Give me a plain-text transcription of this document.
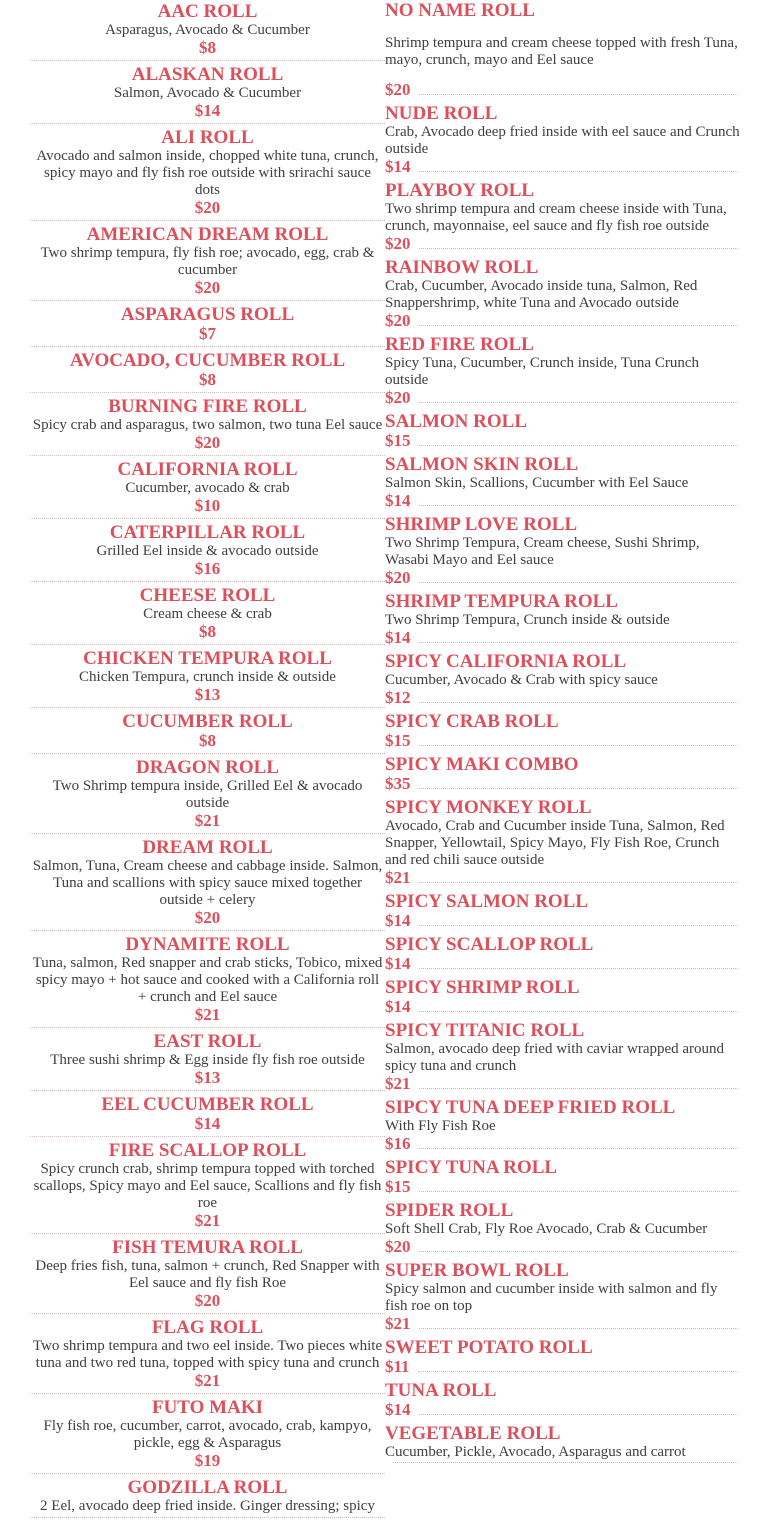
AAC ROLL
Asparagus, Avocado & Cucumber
$8
ALASKAN ROLL
Salmon, Avocado & Cucumber
$14
ALI ROLL
Avocado and salmon inside, chopped white tuna, crunch, spicy mayo and fly fish roe outside with srirachi sauce dots
$20
AMERICAN DREAM ROLL
Two shrimp tempura, fly fish roe; avocado, egg, crab & cucumber
$20
ASPARAGUS ROLL
$7
AVOCADO, CUCUMBER ROLL
$8
BURNING FIRE ROLL
Spicy crab and asparagus, two salmon, two tuna Eel sauce
$20
CALIFORNIA ROLL
Cucumber, avocado & crab
$10
CATERPILLAR ROLL
Grilled Eel inside & avocado outside
$16
CHEESE ROLL
Cream cheese & crab
$8
CHICKEN TEMPURA ROLL
Chicken Tempura, crunch inside & outside
$13
CUCUMBER ROLL
$8
DRAGON ROLL
Two Shrimp tempura inside, Grilled Eel & avocado outside
$21
DREAM ROLL
Salmon, Tuna, Cream cheese and cabbage inside. Salmon, Tuna and scallions with spicy sauce mixed together outside + celery
$20
DYNAMITE ROLL
Tuna, salmon, Red snapper and crab sticks, Tobico, mixed spicy mayo + hot sauce and cooked with a California roll + crunch and Eel sauce
$21
EAST ROLL
Three sushi shrimp & Egg inside fly fish roe outside
$13
EEL CUCUMBER ROLL
$14
FIRE SCALLOP ROLL
Spicy crunch crab, shrimp tempura topped with torched scallops, Spicy mayo and Eel sauce, Scallions and fly fish roe
$21
FISH TEMURA ROLL
Deep fries fish, tuna, salmon + crunch, Red Snapper with Eel sauce and fly fish Roe
$20
FLAG ROLL
Two shrimp tempura and two eel inside. Two pieces white tuna and two red tuna, topped with spicy tuna and crunch
$21
FUTO MAKI
Fly fish roe, cucumber, carrot, avocado, crab, kampyo, pickle, egg & Asparagus
$19
GODZILLA ROLL
2 Eel, avocado deep fried inside. Ginger dressing; spicy
NO NAME ROLL
Shrimp tempura and cream cheese topped with fresh Tuna, mayo, crunch, mayo and Eel sauce
$20
NUDE ROLL
Crab, Avocado deep fried inside with eel sauce and Crunch outside
$14
PLAYBOY ROLL
Two shrimp tempura and cream cheese inside with Tuna, crunch, mayonnaise, eel sauce and fly fish roe outside
$20
RAINBOW ROLL
Crab, Cucumber, Avocado inside tuna, Salmon, Red Snappershrimp, white Tuna and Avocado outside
$20
RED FIRE ROLL
Spicy Tuna, Cucumber, Crunch inside, Tuna Crunch outside
$20
SALMON ROLL
$15
SALMON SKIN ROLL
Salmon Skin, Scallions, Cucumber with Eel Sauce
$14
SHRIMP LOVE ROLL
Two Shrimp Tempura, Cream cheese, Sushi Shrimp, Wasabi Mayo and Eel sauce
$20
SHRIMP TEMPURA ROLL
Two Shrimp Tempura, Crunch inside & outside
$14
SPICY CALIFORNIA ROLL
Cucumber, Avocado & Crab with spicy sauce
$12
SPICY CRAB ROLL
$15
SPICY MAKI COMBO
$35
SPICY MONKEY ROLL
Avocado, Crab and Cucumber inside Tuna, Salmon, Red Snapper, Yellowtail, Spicy Mayo, Fly Fish Roe, Crunch and red chili sauce outside
$21
SPICY SALMON ROLL
$14
SPICY SCALLOP ROLL
$14
SPICY SHRIMP ROLL
$14
SPICY TITANIC ROLL
Salmon, avocado deep fried with caviar wrapped around spicy tuna and crunch
$21
SIPCY TUNA DEEP FRIED ROLL
With Fly Fish Roe
$16
SPICY TUNA ROLL
$15
SPIDER ROLL
Soft Shell Crab, Fly Roe Avocado, Crab & Cucumber
$20
SUPER BOWL ROLL
Spicy salmon and cucumber inside with salmon and fly fish roe on top
$21
SWEET POTATO ROLL
$11
TUNA ROLL
$14
VEGETABLE ROLL
Cucumber, Pickle, Avocado, Asparagus and carrot
